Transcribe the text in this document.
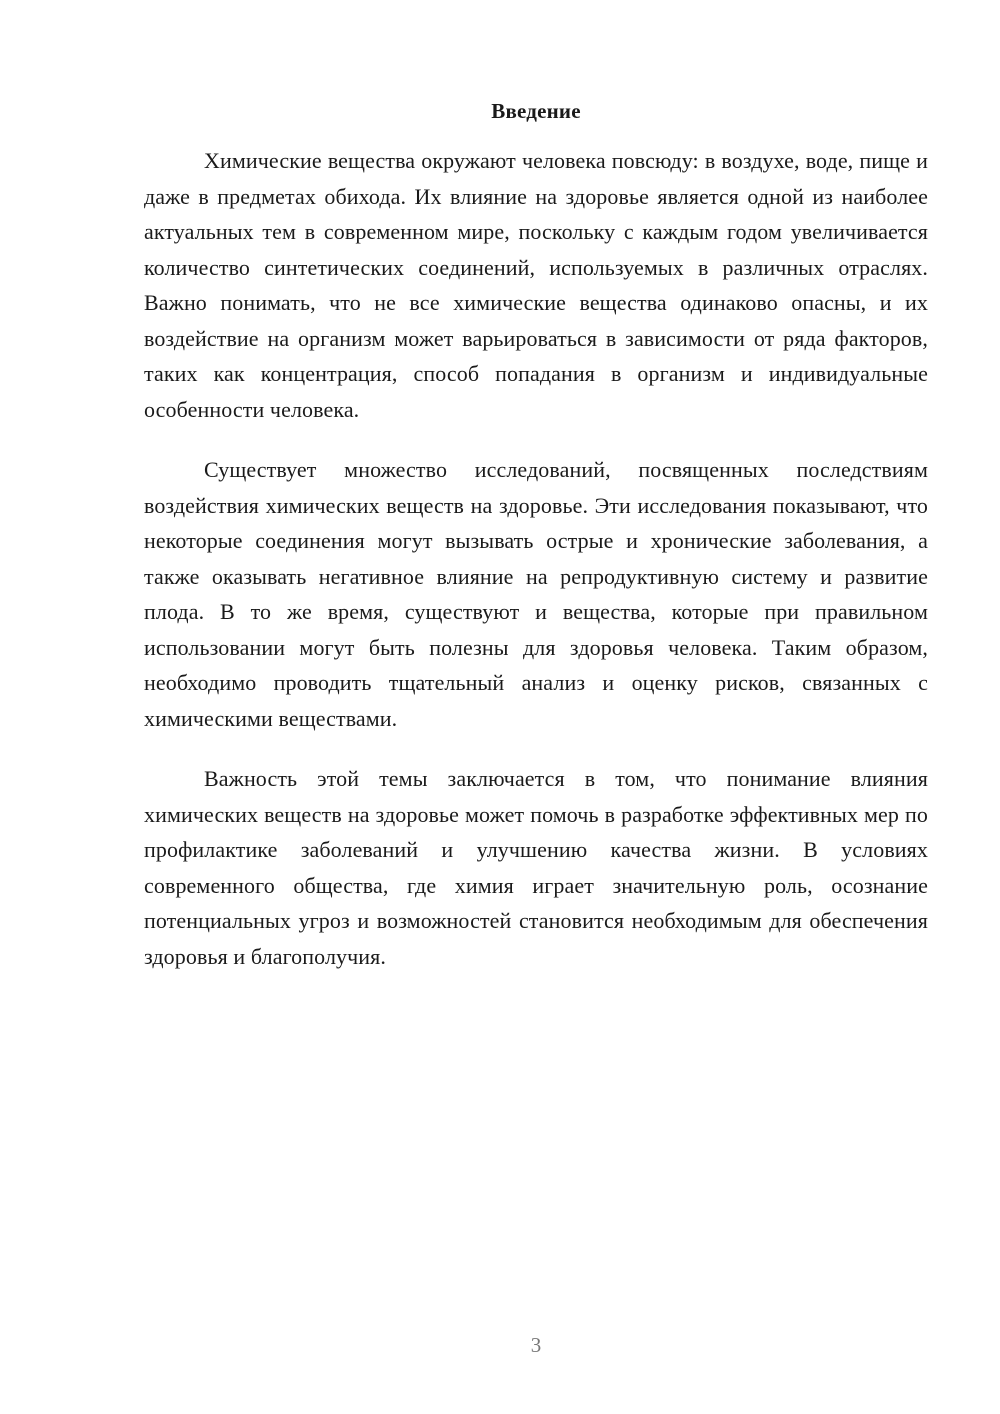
Введение

Химические вещества окружают человека повсюду: в воздухе, воде, пище и даже в предметах обихода. Их влияние на здоровье является одной из наиболее актуальных тем в современном мире, поскольку с каждым годом увеличивается количество синтетических соединений, используемых в различных отраслях. Важно понимать, что не все химические вещества одинаково опасны, и их воздействие на организм может варьироваться в зависимости от ряда факторов, таких как концентрация, способ попадания в организм и индивидуальные особенности человека.

Существует множество исследований, посвященных последствиям воздействия химических веществ на здоровье. Эти исследования показывают, что некоторые соединения могут вызывать острые и хронические заболевания, а также оказывать негативное влияние на репродуктивную систему и развитие плода. В то же время, существуют и вещества, которые при правильном использовании могут быть полезны для здоровья человека. Таким образом, необходимо проводить тщательный анализ и оценку рисков, связанных с химическими веществами.

Важность этой темы заключается в том, что понимание влияния химических веществ на здоровье может помочь в разработке эффективных мер по профилактике заболеваний и улучшению качества жизни. В условиях современного общества, где химия играет значительную роль, осознание потенциальных угроз и возможностей становится необходимым для обеспечения здоровья и благополучия.

3
